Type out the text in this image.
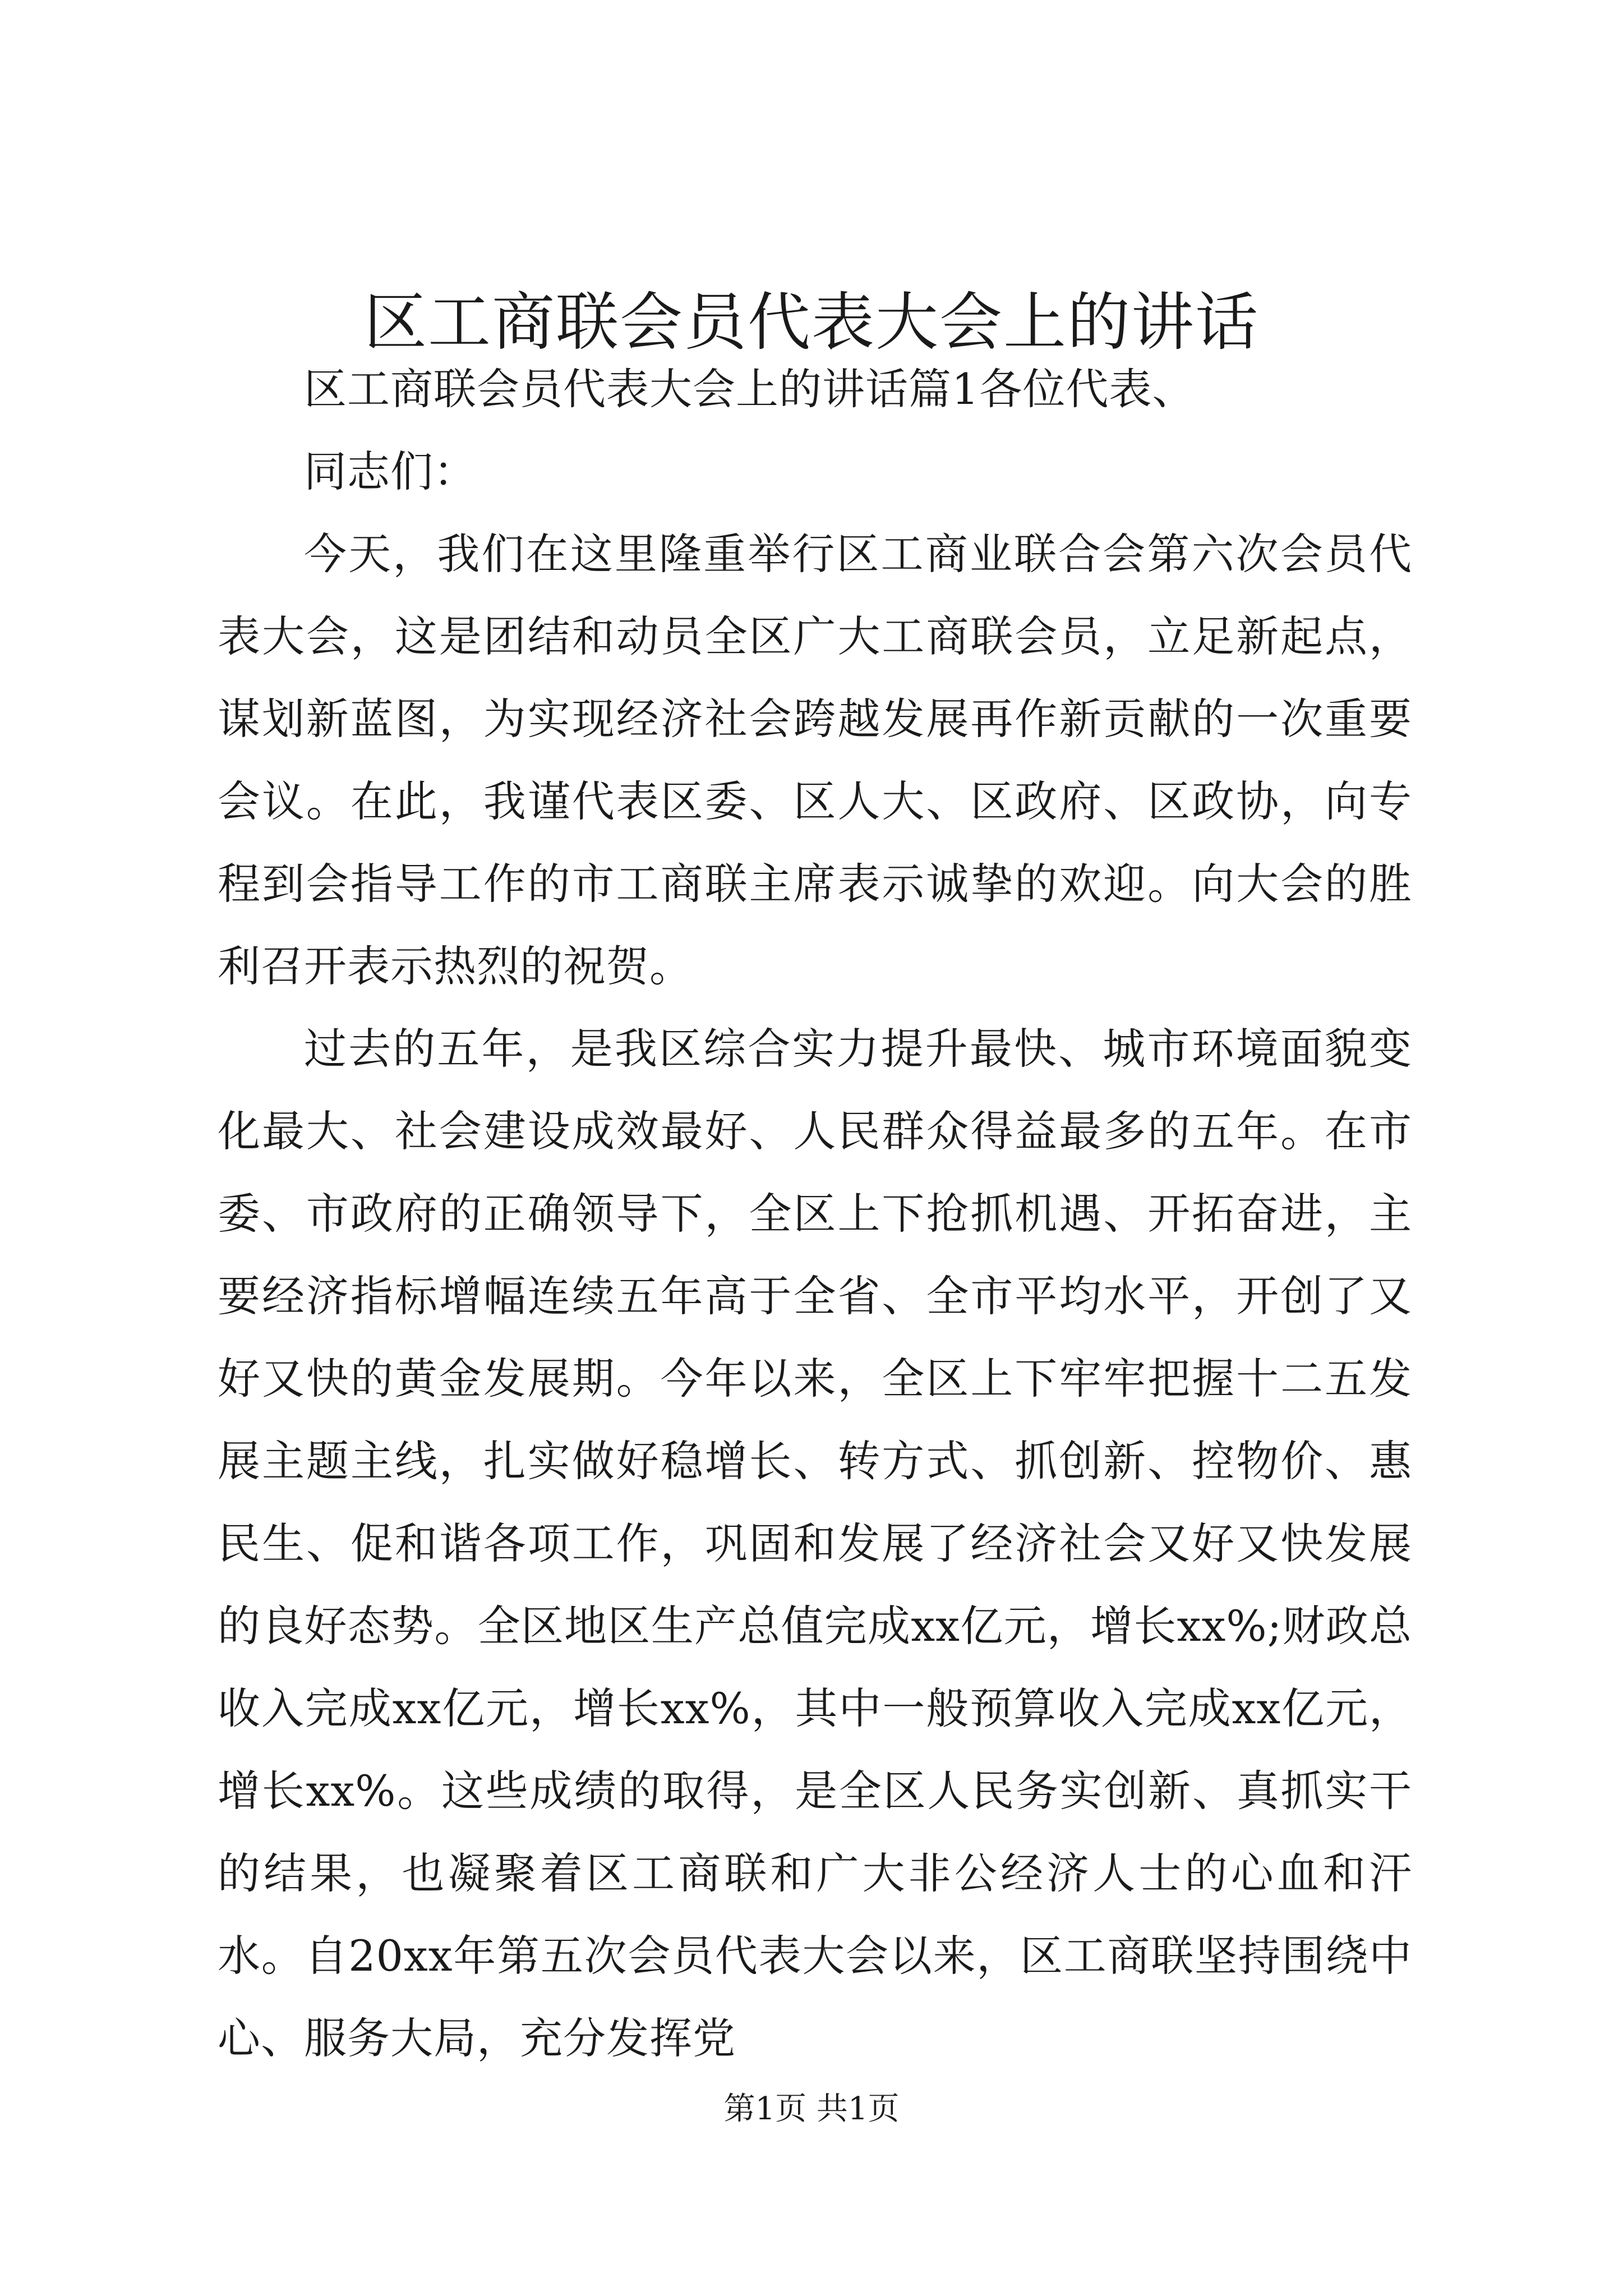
区工商联会员代表大会上的讲话

区工商联会员代表大会上的讲话篇1各位代表、

同志们：

今天，我们在这里隆重举行区工商业联合会第六次会员代表大会，这是团结和动员全区广大工商联会员，立足新起点，谋划新蓝图，为实现经济社会跨越发展再作新贡献的一次重要会议。在此，我谨代表区委、区人大、区政府、区政协，向专程到会指导工作的市工商联主席表示诚挚的欢迎。向大会的胜利召开表示热烈的祝贺。

过去的五年，是我区综合实力提升最快、城市环境面貌变化最大、社会建设成效最好、人民群众得益最多的五年。在市委、市政府的正确领导下，全区上下抢抓机遇、开拓奋进，主要经济指标增幅连续五年高于全省、全市平均水平，开创了又好又快的黄金发展期。今年以来，全区上下牢牢把握十二五发展主题主线，扎实做好稳增长、转方式、抓创新、控物价、惠民生、促和谐各项工作，巩固和发展了经济社会又好又快发展的良好态势。全区地区生产总值完成xx亿元，增长xx%;财政总收入完成xx亿元，增长xx%，其中一般预算收入完成xx亿元，增长xx%。这些成绩的取得，是全区人民务实创新、真抓实干的结果，也凝聚着区工商联和广大非公经济人士的心血和汗水。自20xx年第五次会员代表大会以来，区工商联坚持围绕中心、服务大局，充分发挥党

第1页 共1页
